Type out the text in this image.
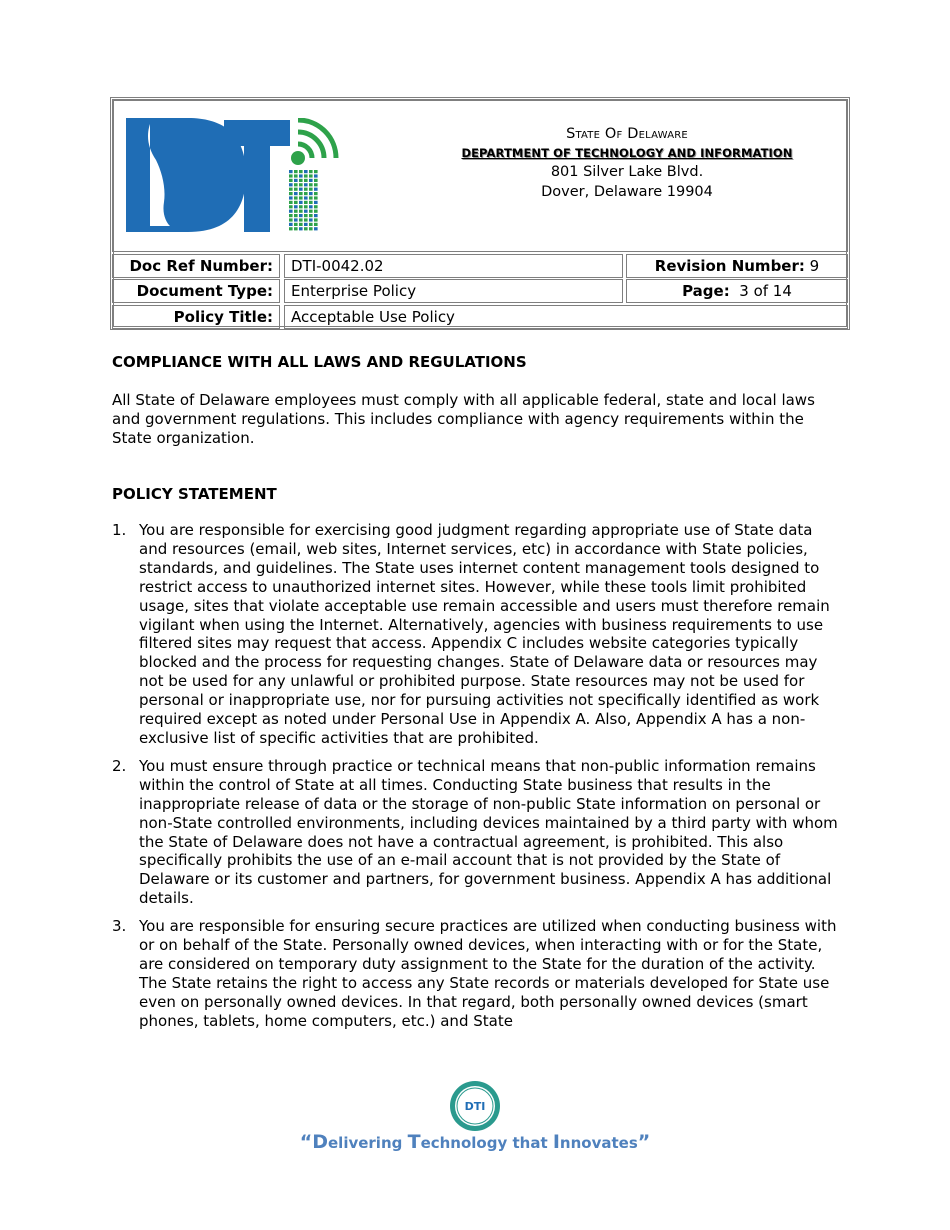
State Of Delaware
DEPARTMENT OF TECHNOLOGY AND INFORMATION
801 Silver Lake Blvd.
Dover, Delaware 19904
Doc Ref Number:	DTI-0042.02	Revision Number: 9
Document Type:	Enterprise Policy	Page: 3 of 14
Policy Title:	Acceptable Use Policy
COMPLIANCE WITH ALL LAWS AND REGULATIONS
All State of Delaware employees must comply with all applicable federal, state and local laws and government regulations. This includes compliance with agency requirements within the State organization.
POLICY STATEMENT
1. You are responsible for exercising good judgment regarding appropriate use of State data and resources (email, web sites, Internet services, etc) in accordance with State policies, standards, and guidelines. The State uses internet content management tools designed to restrict access to unauthorized internet sites. However, while these tools limit prohibited usage, sites that violate acceptable use remain accessible and users must therefore remain vigilant when using the Internet. Alternatively, agencies with business requirements to use filtered sites may request that access. Appendix C includes website categories typically blocked and the process for requesting changes. State of Delaware data or resources may not be used for any unlawful or prohibited purpose. State resources may not be used for personal or inappropriate use, nor for pursuing activities not specifically identified as work required except as noted under Personal Use in Appendix A. Also, Appendix A has a non-exclusive list of specific activities that are prohibited.
2. You must ensure through practice or technical means that non-public information remains within the control of State at all times. Conducting State business that results in the inappropriate release of data or the storage of non-public State information on personal or non-State controlled environments, including devices maintained by a third party with whom the State of Delaware does not have a contractual agreement, is prohibited. This also specifically prohibits the use of an e-mail account that is not provided by the State of Delaware or its customer and partners, for government business. Appendix A has additional details.
3. You are responsible for ensuring secure practices are utilized when conducting business with or on behalf of the State. Personally owned devices, when interacting with or for the State, are considered on temporary duty assignment to the State for the duration of the activity. The State retains the right to access any State records or materials developed for State use even on personally owned devices. In that regard, both personally owned devices (smart phones, tablets, home computers, etc.) and State
DTI
“Delivering Technology that Innovates”
